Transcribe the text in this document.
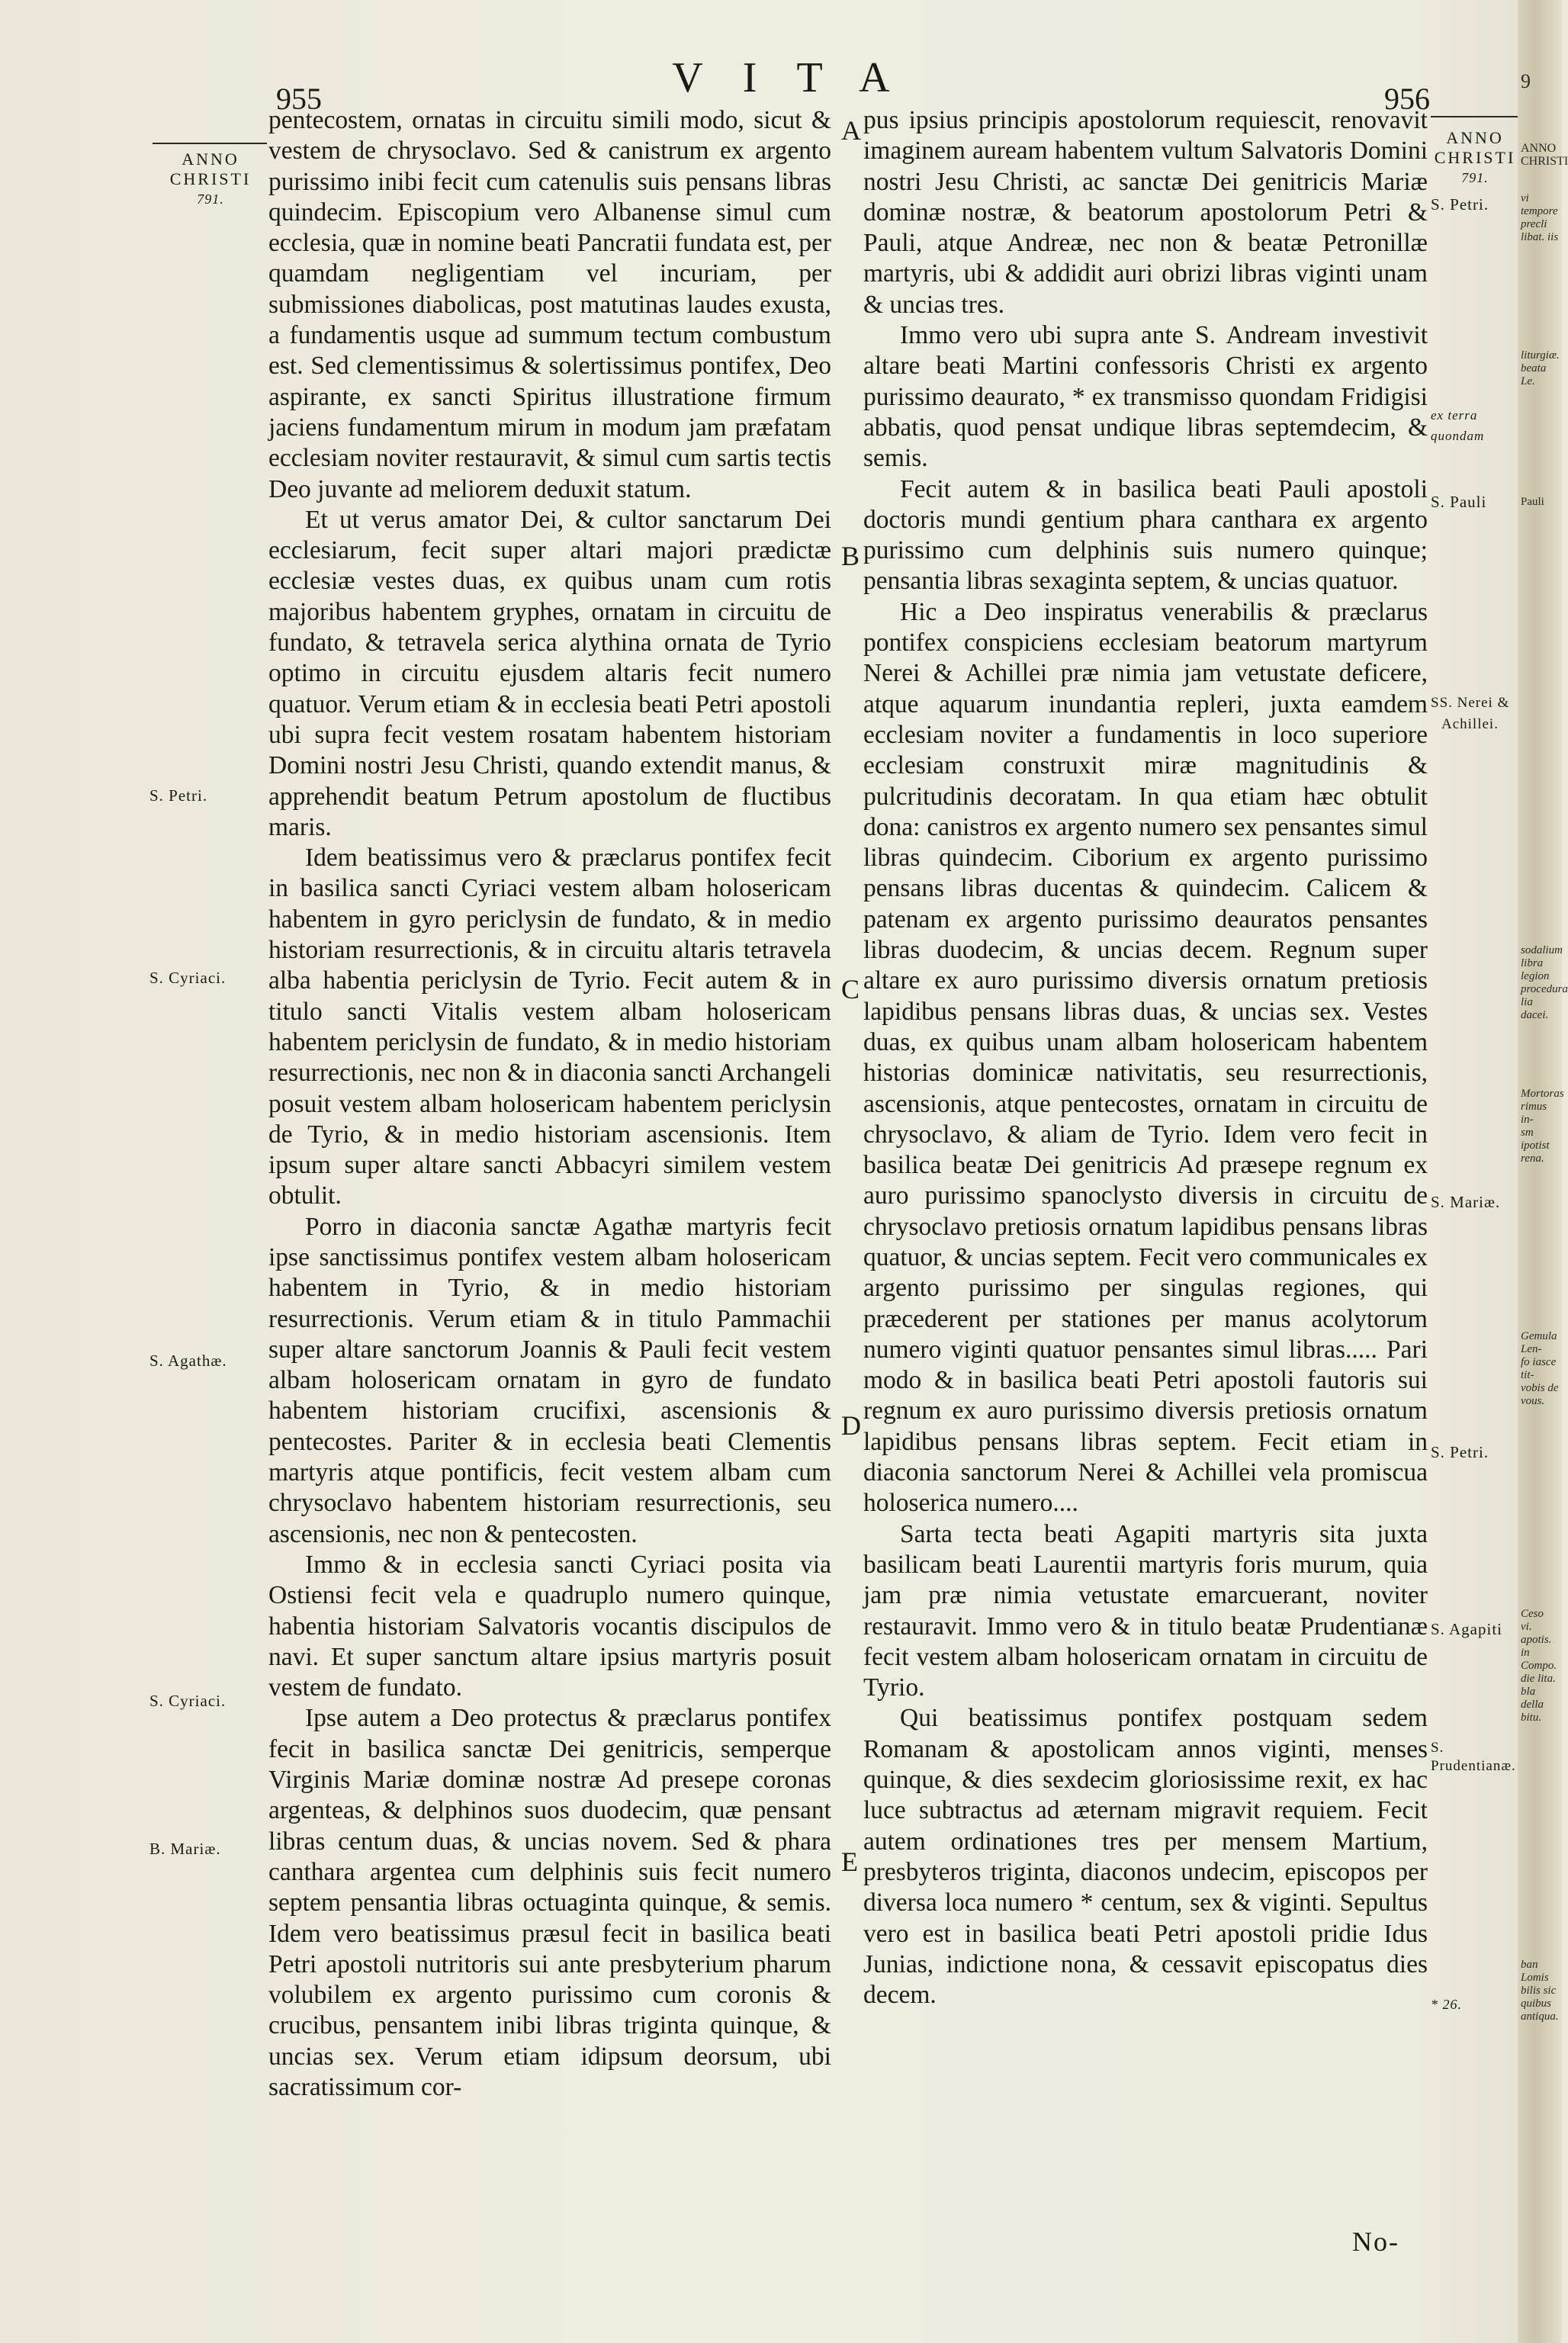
VITA
955	956
ANNO
CHRISTI
791.
ANNO
CHRISTI
791.
S. Petri.
S. Cyriaci.
S. Agathæ.
S. Cyriaci.
B. Mariæ.
S. Petri.
ex terra
quondam
S. Pauli
SS. Nerei &
Achillei.
S. Mariæ.
S. Petri.
S. Agapiti
S. Prudentianæ.
* 26.
A
B
C
D
E

pentecostem, ornatas in circuitu simili modo, sicut & vestem de chrysoclavo. Sed & canistrum ex argento purissimo inibi fecit cum catenulis suis pensans libras quindecim. Episcopium vero Albanense simul cum ecclesia, quæ in nomine beati Pancratii fundata est, per quamdam negligentiam vel incuriam, per submissiones diabolicas, post matutinas laudes exusta, a fundamentis usque ad summum tectum combustum est. Sed clementissimus & solertissimus pontifex, Deo aspirante, ex sancti Spiritus illustratione firmum jaciens fundamentum mirum in modum jam præfatam ecclesiam noviter restauravit, & simul cum sartis tectis Deo juvante ad meliorem deduxit statum.

Et ut verus amator Dei, & cultor sanctarum Dei ecclesiarum, fecit super altari majori prædictæ ecclesiæ vestes duas, ex quibus unam cum rotis majoribus habentem gryphes, ornatam in circuitu de fundato, & tetravela serica alythina ornata de Tyrio optimo in circuitu ejusdem altaris fecit numero quatuor. Verum etiam & in ecclesia beati Petri apostoli ubi supra fecit vestem rosatam habentem historiam Domini nostri Jesu Christi, quando extendit manus, & apprehendit beatum Petrum apostolum de fluctibus maris.

Idem beatissimus vero & præclarus pontifex fecit in basilica sancti Cyriaci vestem albam holosericam habentem in gyro periclysin de fundato, & in medio historiam resurrectionis, & in circuitu altaris tetravela alba habentia periclysin de Tyrio. Fecit autem & in titulo sancti Vitalis vestem albam holosericam habentem periclysin de fundato, & in medio historiam resurrectionis, nec non & in diaconia sancti Archangeli posuit vestem albam holosericam habentem periclysin de Tyrio, & in medio historiam ascensionis. Item ipsum super altare sancti Abbacyri similem vestem obtulit.

Porro in diaconia sanctæ Agathæ martyris fecit ipse sanctissimus pontifex vestem albam holosericam habentem in Tyrio, & in medio historiam resurrectionis. Verum etiam & in titulo Pammachii super altare sanctorum Joannis & Pauli fecit vestem albam holosericam ornatam in gyro de fundato habentem historiam crucifixi, ascensionis & pentecostes. Pariter & in ecclesia beati Clementis martyris atque pontificis, fecit vestem albam cum chrysoclavo habentem historiam resurrectionis, seu ascensionis, nec non & pentecosten.

Immo & in ecclesia sancti Cyriaci posita via Ostiensi fecit vela e quadruplo numero quinque, habentia historiam Salvatoris vocantis discipulos de navi. Et super sanctum altare ipsius martyris posuit vestem de fundato.

Ipse autem a Deo protectus & præclarus pontifex fecit in basilica sanctæ Dei genitricis, semperque Virginis Mariæ dominæ nostræ Ad presepe coronas argenteas, & delphinos suos duodecim, quæ pensant libras centum duas, & uncias novem. Sed & phara canthara argentea cum delphinis suis fecit numero septem pensantia libras octuaginta quinque, & semis. Idem vero beatissimus præsul fecit in basilica beati Petri apostoli nutritoris sui ante presbyterium pharum volubilem ex argento purissimo cum coronis & crucibus, pensantem inibi libras triginta quinque, & uncias sex. Verum etiam idipsum deorsum, ubi sacratissimum cor-

pus ipsius principis apostolorum requiescit, renovavit imaginem auream habentem vultum Salvatoris Domini nostri Jesu Christi, ac sanctæ Dei genitricis Mariæ dominæ nostræ, & beatorum apostolorum Petri & Pauli, atque Andreæ, nec non & beatæ Petronillæ martyris, ubi & addidit auri obrizi libras viginti unam & uncias tres.

Immo vero ubi supra ante S. Andream investivit altare beati Martini confessoris Christi ex argento purissimo deaurato, * ex transmisso quondam Fridigisi abbatis, quod pensat undique libras septemdecim, & semis.

Fecit autem & in basilica beati Pauli apostoli doctoris mundi gentium phara canthara ex argento purissimo cum delphinis suis numero quinque; pensantia libras sexaginta septem, & uncias quatuor.

Hic a Deo inspiratus venerabilis & præclarus pontifex conspiciens ecclesiam beatorum martyrum Nerei & Achillei præ nimia jam vetustate deficere, atque aquarum inundantia repleri, juxta eamdem ecclesiam noviter a fundamentis in loco superiore ecclesiam construxit miræ magnitudinis & pulcritudinis decoratam. In qua etiam hæc obtulit dona: canistros ex argento numero sex pensantes simul libras quindecim. Ciborium ex argento purissimo pensans libras ducentas & quindecim. Calicem & patenam ex argento purissimo deauratos pensantes libras duodecim, & uncias decem. Regnum super altare ex auro purissimo diversis ornatum pretiosis lapidibus pensans libras duas, & uncias sex. Vestes duas, ex quibus unam albam holosericam habentem historias dominicæ nativitatis, seu resurrectionis, ascensionis, atque pentecostes, ornatam in circuitu de chrysoclavo, & aliam de Tyrio. Idem vero fecit in basilica beatæ Dei genitricis Ad præsepe regnum ex auro purissimo spanoclysto diversis in circuitu de chrysoclavo pretiosis ornatum lapidibus pensans libras quatuor, & uncias septem. Fecit vero communicales ex argento purissimo per singulas regiones, qui præcederent per stationes per manus acolytorum numero viginti quatuor pensantes simul libras..... Pari modo & in basilica beati Petri apostoli fautoris sui regnum ex auro purissimo diversis pretiosis ornatum lapidibus pensans libras septem. Fecit etiam in diaconia sanctorum Nerei & Achillei vela promiscua holoserica numero....

Sarta tecta beati Agapiti martyris sita juxta basilicam beati Laurentii martyris foris murum, quia jam præ nimia vetustate emarcuerant, noviter restauravit. Immo vero & in titulo beatæ Prudentianæ fecit vestem albam holosericam ornatam in circuitu de Tyrio.

Qui beatissimus pontifex postquam sedem Romanam & apostolicam annos viginti, menses quinque, & dies sexdecim gloriosissime rexit, ex hac luce subtractus ad æternam migravit requiem. Fecit autem ordinationes tres per mensem Martium, presbyteros triginta, diaconos undecim, episcopos per diversa loca numero * centum, sex & viginti. Sepultus vero est in basilica beati Petri apostoli pridie Idus Junias, indictione nona, & cessavit episcopatus dies decem.

No-
9
ANNO
CHRISTI
vi tempore
precli
libat. iis
liturgiæ.
beata Le.
Pauli
sodalium
libra legion
procedura
lia dacei.
Mortoras
rimus in-
sm ipotist
rena.
Gemula Len-
fo iasce tit-
vobis de
vous.
Ceso
vi. apotis.
in Compo.
die lita.
bla della
bitu.
ban Lomis
bilis sic
quibus
antiqua.
